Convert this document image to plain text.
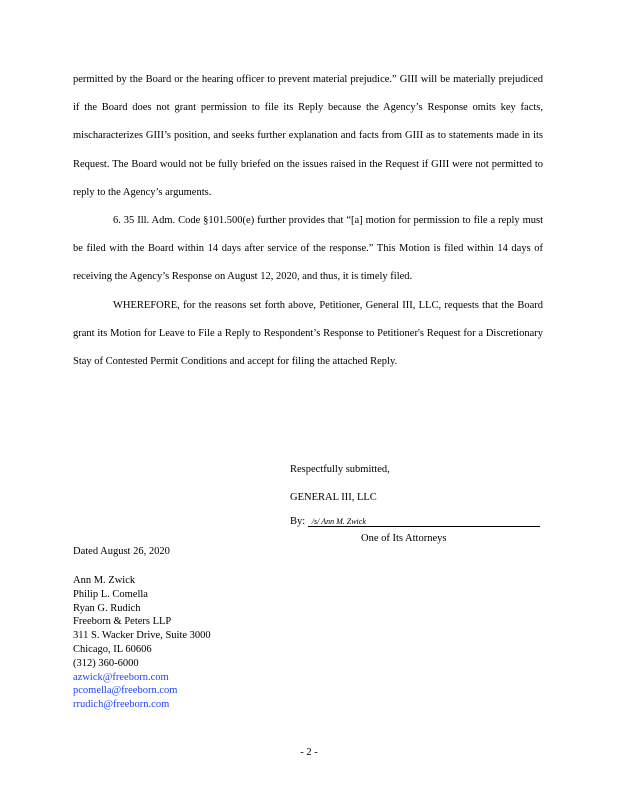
permitted by the Board or the hearing officer to prevent material prejudice.” GIII will be materially prejudiced if the Board does not grant permission to file its Reply because the Agency’s Response omits key facts, mischaracterizes GIII’s position, and seeks further explanation and facts from GIII as to statements made in its Request. The Board would not be fully briefed on the issues raised in the Request if GIII were not permitted to reply to the Agency’s arguments.

6. 35 Ill. Adm. Code §101.500(e) further provides that “[a] motion for permission to file a reply must be filed with the Board within 14 days after service of the response.” This Motion is filed within 14 days of receiving the Agency’s Response on August 12, 2020, and thus, it is timely filed.

WHEREFORE, for the reasons set forth above, Petitioner, General III, LLC, requests that the Board grant its Motion for Leave to File a Reply to Respondent’s Response to Petitioner's Request for a Discretionary Stay of Contested Permit Conditions and accept for filing the attached Reply.

Respectfully submitted,
GENERAL III, LLC
By: /s/ Ann M. Zwick
One of Its Attorneys
Dated August 26, 2020
Ann M. Zwick
Philip L. Comella
Ryan G. Rudich
Freeborn & Peters LLP
311 S. Wacker Drive, Suite 3000
Chicago, IL 60606
(312) 360-6000
azwick@freeborn.com
pcomella@freeborn.com
rrudich@freeborn.com
- 2 -
